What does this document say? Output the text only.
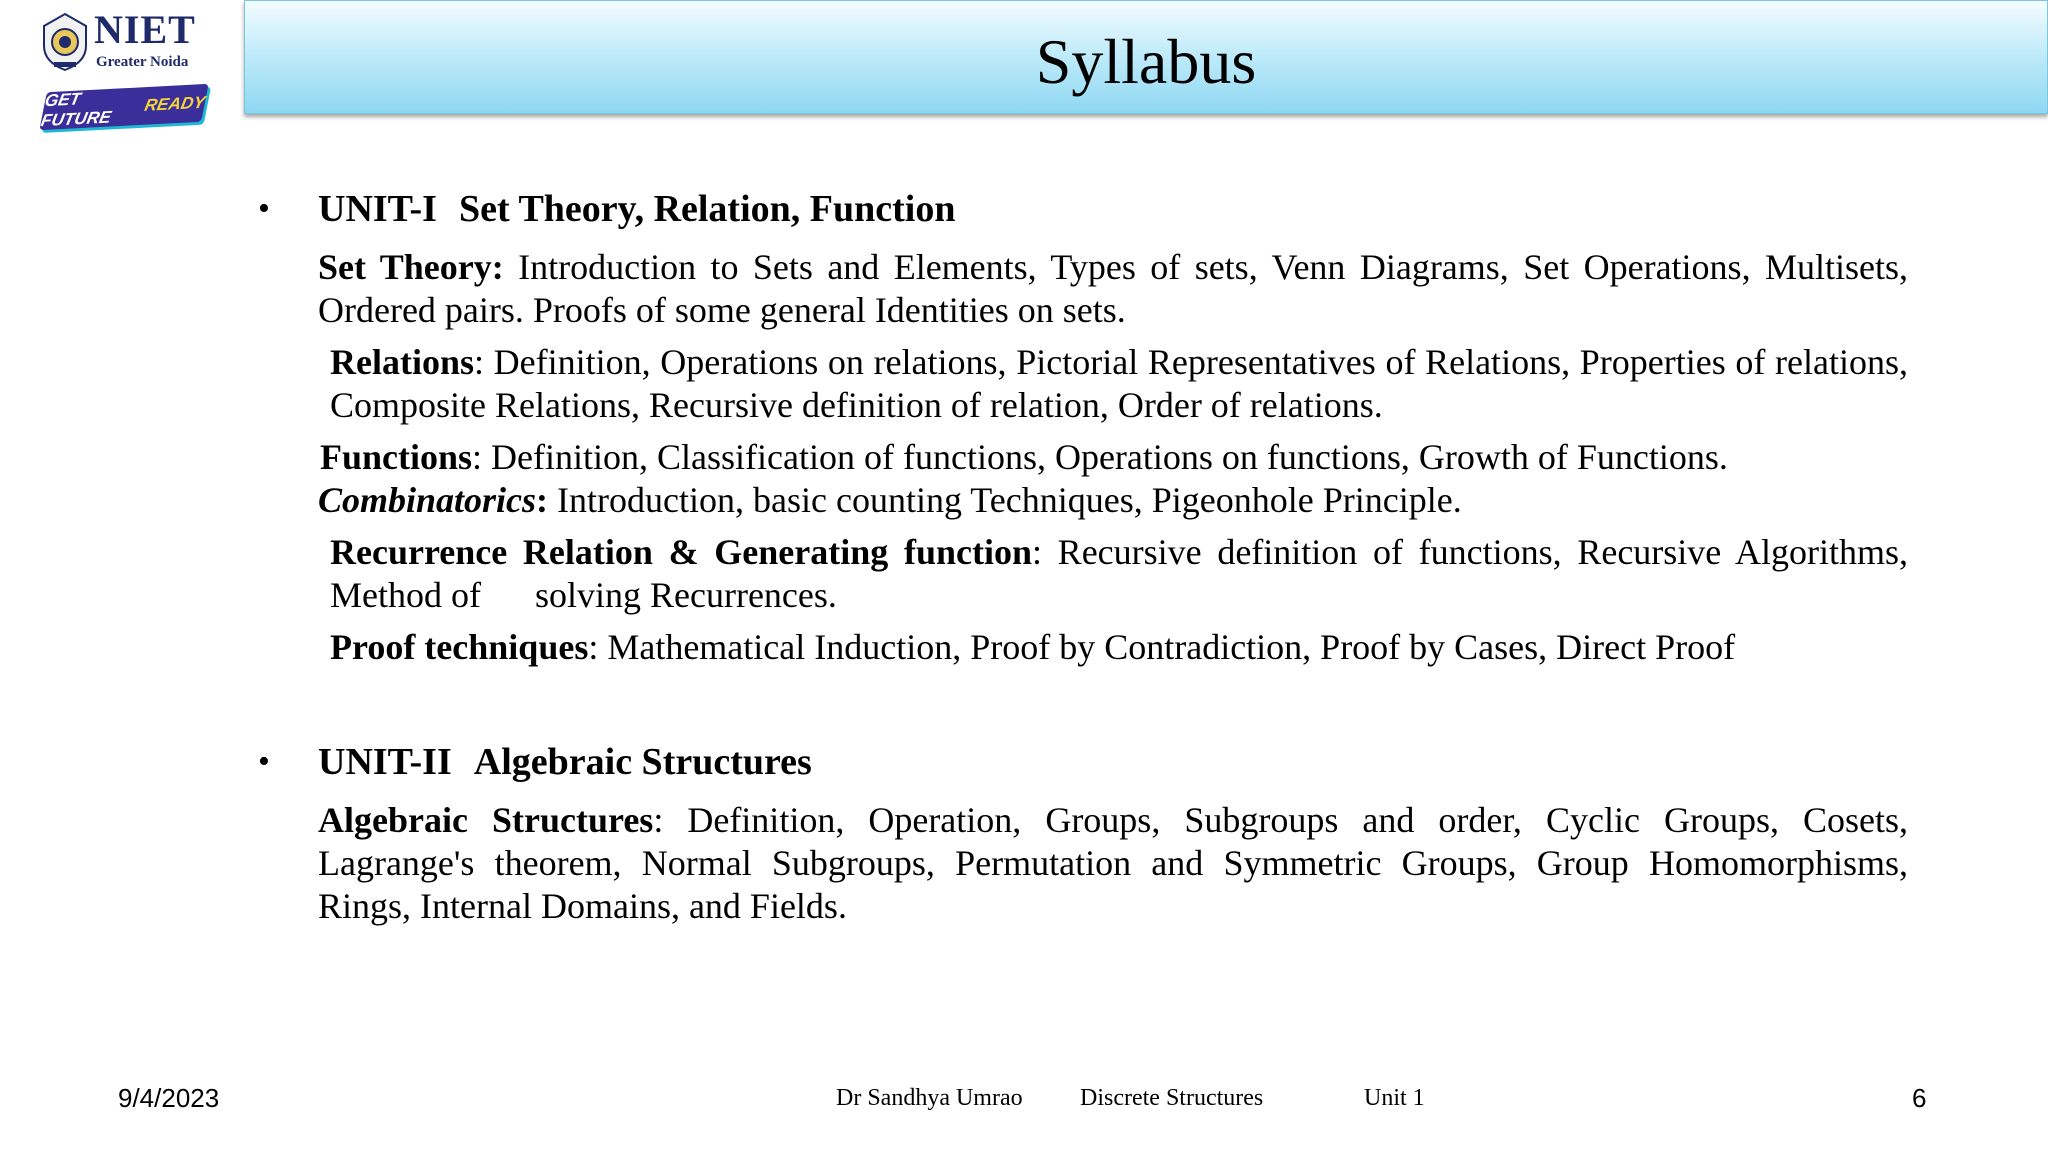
NIET
Greater Noida
GET FUTURE

READY
Syllabus
• UNIT-I Set Theory, Relation, Function
Set Theory: Introduction to Sets and Elements, Types of sets, Venn Diagrams, Set Operations, Multisets, Ordered pairs. Proofs of some general Identities on sets.
Relations: Definition, Operations on relations, Pictorial Representatives of Relations, Properties of relations, Composite Relations, Recursive definition of relation, Order of relations.
Functions: Definition, Classification of functions, Operations on functions, Growth of Functions.
Combinatorics: Introduction, basic counting Techniques, Pigeonhole Principle.
Recurrence Relation & Generating function: Recursive definition of functions, Recursive Algorithms, Method of      solving Recurrences.
Proof techniques: Mathematical Induction, Proof by Contradiction, Proof by Cases, Direct Proof
• UNIT-II Algebraic Structures
Algebraic Structures: Definition, Operation, Groups, Subgroups and order, Cyclic Groups, Cosets, Lagrange's theorem, Normal Subgroups, Permutation and Symmetric Groups, Group Homomorphisms, Rings, Internal Domains, and Fields.
9/4/2023	Dr Sandhya Umrao Discrete Structures	Unit 1	6
